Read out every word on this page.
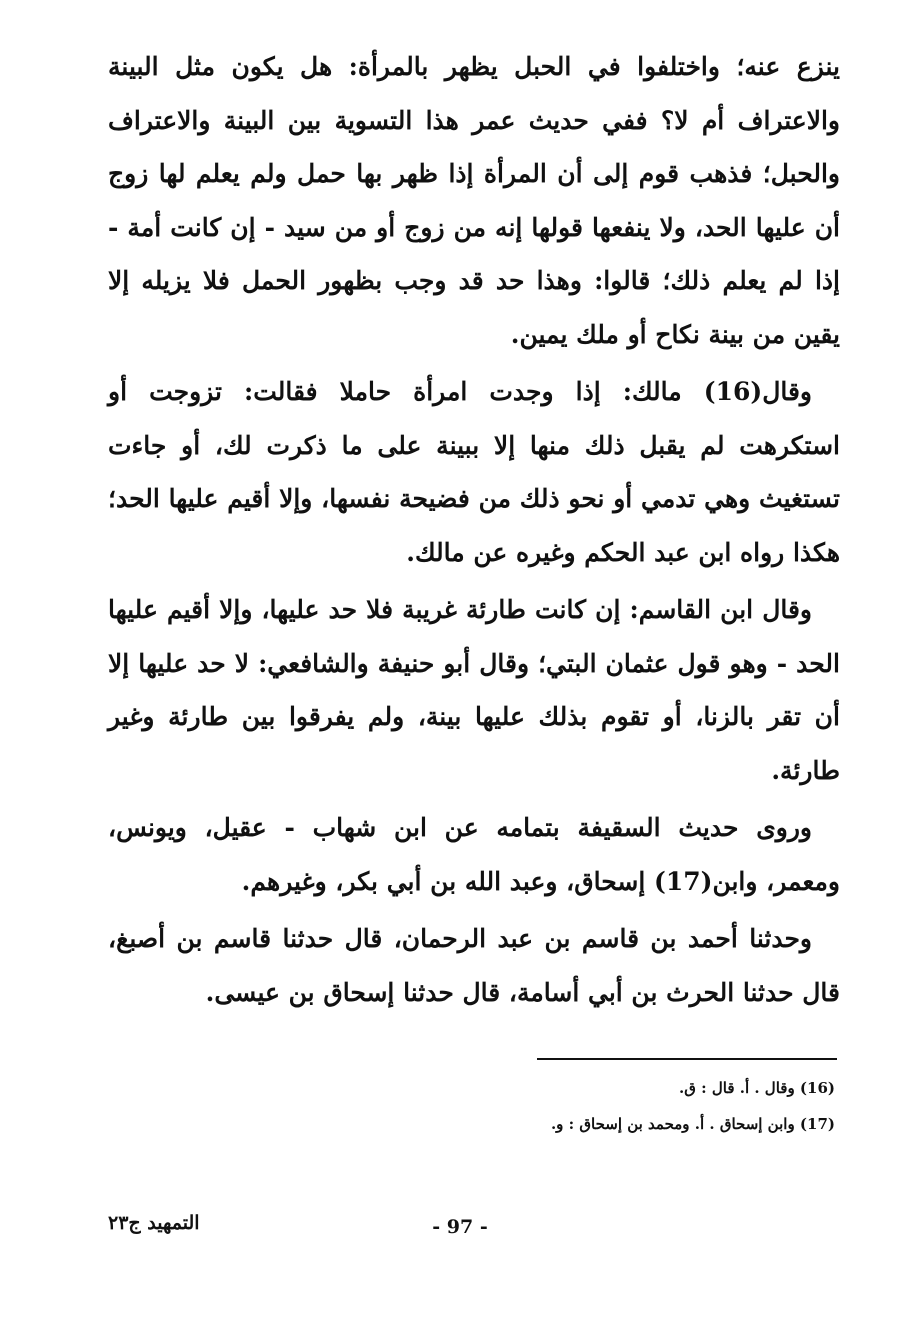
ينزع عنه؛ واختلفوا في الحبل يظهر بالمرأة: هل يكون مثل البينة والاعتراف أم لا؟ ففي حديث عمر هذا التسوية بين البينة والاعتراف والحبل؛ فذهب قوم إلى أن المرأة إذا ظهر بها حمل ولم يعلم لها زوج أن عليها الحد، ولا ينفعها قولها إنه من زوج أو من سيد - إن كانت أمة - إذا لم يعلم ذلك؛ قالوا: وهذا حد قد وجب بظهور الحمل فلا يزيله إلا يقين من بينة نكاح أو ملك يمين.

وقال(16) مالك: إذا وجدت امرأة حاملا فقالت: تزوجت أو استكرهت لم يقبل ذلك منها إلا ببينة على ما ذكرت لك، أو جاءت تستغيث وهي تدمي أو نحو ذلك من فضيحة نفسها، وإلا أقيم عليها الحد؛ هكذا رواه ابن عبد الحكم وغيره عن مالك.

وقال ابن القاسم: إن كانت طارئة غريبة فلا حد عليها، وإلا أقيم عليها الحد - وهو قول عثمان البتي؛ وقال أبو حنيفة والشافعي: لا حد عليها إلا أن تقر بالزنا، أو تقوم بذلك عليها بينة، ولم يفرقوا بين طارئة وغير طارئة.

وروى حديث السقيفة بتمامه عن ابن شهاب - عقيل، ويونس، ومعمر، وابن(17) إسحاق، وعبد الله بن أبي بكر، وغيرهم.

وحدثنا أحمد بن قاسم بن عبد الرحمان، قال حدثنا قاسم بن أصبغ، قال حدثنا الحرث بن أبي أسامة، قال حدثنا إسحاق بن عيسى.

(16) وقال . أ. قال : ق.
(17) وابن إسحاق . أ. ومحمد بن إسحاق : و.
التمهيد ج٢٣	- 97 -
